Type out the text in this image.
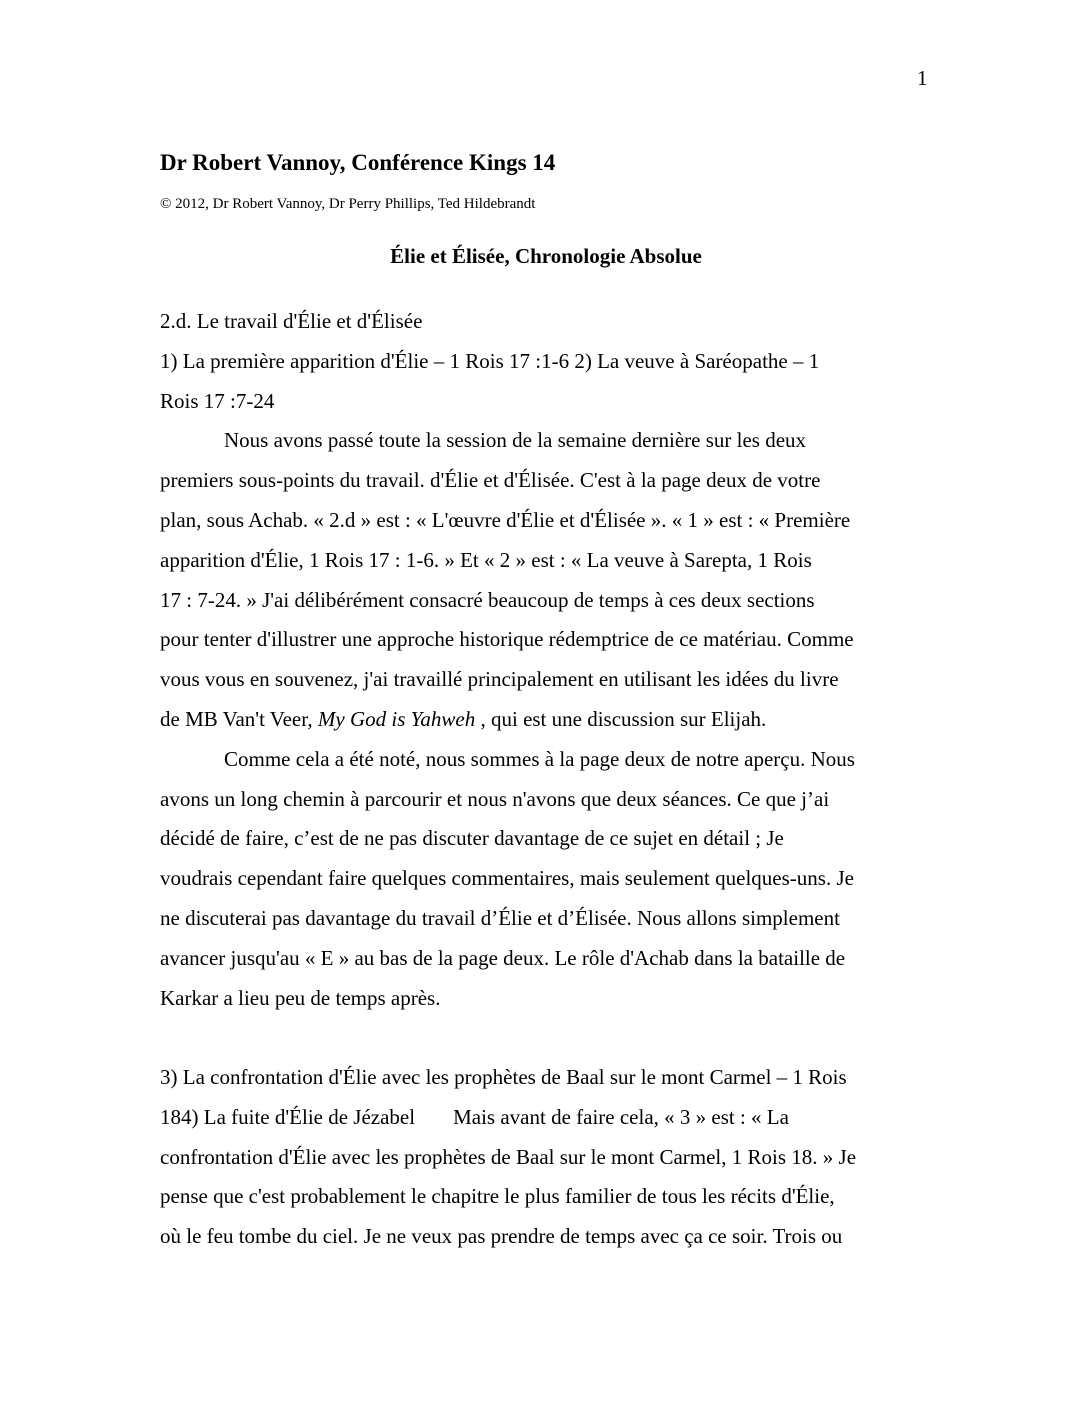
1
Dr Robert Vannoy, Conférence Kings 14
© 2012, Dr Robert Vannoy, Dr Perry Phillips, Ted Hildebrandt
Élie et Élisée, Chronologie Absolue
2.d. Le travail d'Élie et d'Élisée
1) La première apparition d'Élie – 1 Rois 17 :1-6 2) La veuve à Saréopathe – 1
Rois 17 :7-24
Nous avons passé toute la session de la semaine dernière sur les deux
premiers sous-points du travail. d'Élie et d'Élisée. C'est à la page deux de votre
plan, sous Achab. « 2.d » est : « L'œuvre d'Élie et d'Élisée ». « 1 » est : « Première
apparition d'Élie, 1 Rois 17 : 1-6. » Et « 2 » est : « La veuve à Sarepta, 1 Rois
17 : 7-24. » J'ai délibérément consacré beaucoup de temps à ces deux sections
pour tenter d'illustrer une approche historique rédemptrice de ce matériau. Comme
vous vous en souvenez, j'ai travaillé principalement en utilisant les idées du livre
de MB Van't Veer, My God is Yahweh , qui est une discussion sur Elijah.
Comme cela a été noté, nous sommes à la page deux de notre aperçu. Nous
avons un long chemin à parcourir et nous n'avons que deux séances. Ce que j’ai
décidé de faire, c’est de ne pas discuter davantage de ce sujet en détail ; Je
voudrais cependant faire quelques commentaires, mais seulement quelques-uns. Je
ne discuterai pas davantage du travail d’Élie et d’Élisée. Nous allons simplement
avancer jusqu'au « E » au bas de la page deux. Le rôle d'Achab dans la bataille de
Karkar a lieu peu de temps après.
3) La confrontation d'Élie avec les prophètes de Baal sur le mont Carmel – 1 Rois
184) La fuite d'Élie de Jézabel Mais avant de faire cela, « 3 » est : « La
confrontation d'Élie avec les prophètes de Baal sur le mont Carmel, 1 Rois 18. » Je
pense que c'est probablement le chapitre le plus familier de tous les récits d'Élie,
où le feu tombe du ciel. Je ne veux pas prendre de temps avec ça ce soir. Trois ou
